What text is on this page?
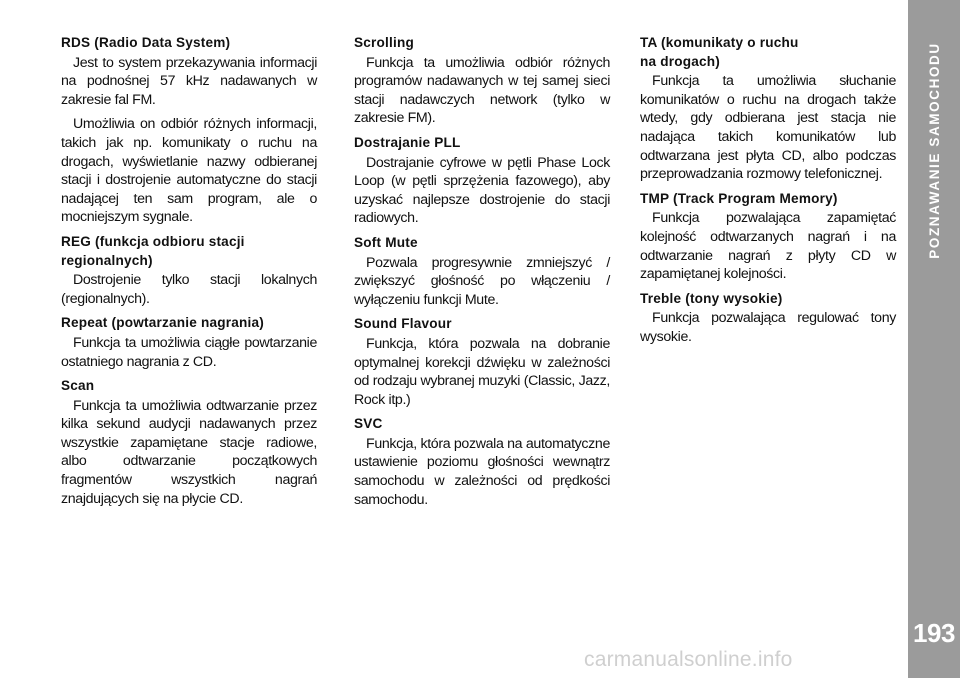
RDS (Radio Data System)

Jest to system przekazywania informacji na podnośnej 57 kHz nadawanych w zakresie fal FM.

Umożliwia on odbiór różnych informacji, takich jak np. komunikaty o ruchu na drogach, wyświetlanie nazwy odbieranej stacji i dostrojenie automatyczne do stacji nadającej ten sam program, ale o mocniejszym sygnale.

REG (funkcja odbioru stacji
regionalnych)

Dostrojenie tylko stacji lokalnych (regionalnych).

Repeat (powtarzanie nagrania)

Funkcja ta umożliwia ciągłe powtarzanie ostatniego nagrania z CD.

Scan

Funkcja ta umożliwia odtwarzanie przez kilka sekund audycji nadawanych przez wszystkie zapamiętane stacje radiowe, albo odtwarzanie początkowych fragmentów wszystkich nagrań znajdujących się na płycie CD.

Scrolling

Funkcja ta umożliwia odbiór różnych programów nadawanych w tej samej sieci stacji nadawczych network (tylko w zakresie FM).

Dostrajanie PLL

Dostrajanie cyfrowe w pętli Phase Lock Loop (w pętli sprzężenia fazowego), aby uzyskać najlepsze dostrojenie do stacji radiowych.

Soft Mute

Pozwala progresywnie zmniejszyć / zwiększyć głośność po włączeniu / wyłączeniu funkcji Mute.

Sound Flavour

Funkcja, która pozwala na dobranie optymalnej korekcji dźwięku w zależności od rodzaju wybranej muzyki (Classic, Jazz, Rock itp.)

SVC

Funkcja, która pozwala na automatyczne ustawienie poziomu głośności wewnątrz samochodu w zależności od prędkości samochodu.

TA (komunikaty o ruchu
na drogach)

Funkcja ta umożliwia słuchanie komunikatów o ruchu na drogach także wtedy, gdy odbierana jest stacja nie nadająca takich komunikatów lub odtwarzana jest płyta CD, albo podczas przeprowadzania rozmowy telefonicznej.

TMP (Track Program Memory)

Funkcja pozwalająca zapamiętać kolejność odtwarzanych nagrań i na odtwarzanie nagrań z płyty CD w zapamiętanej kolejności.

Treble (tony wysokie)

Funkcja pozwalająca regulować tony wysokie.

POZNAWANIE SAMOCHODU
193
carmanualsonline.info
